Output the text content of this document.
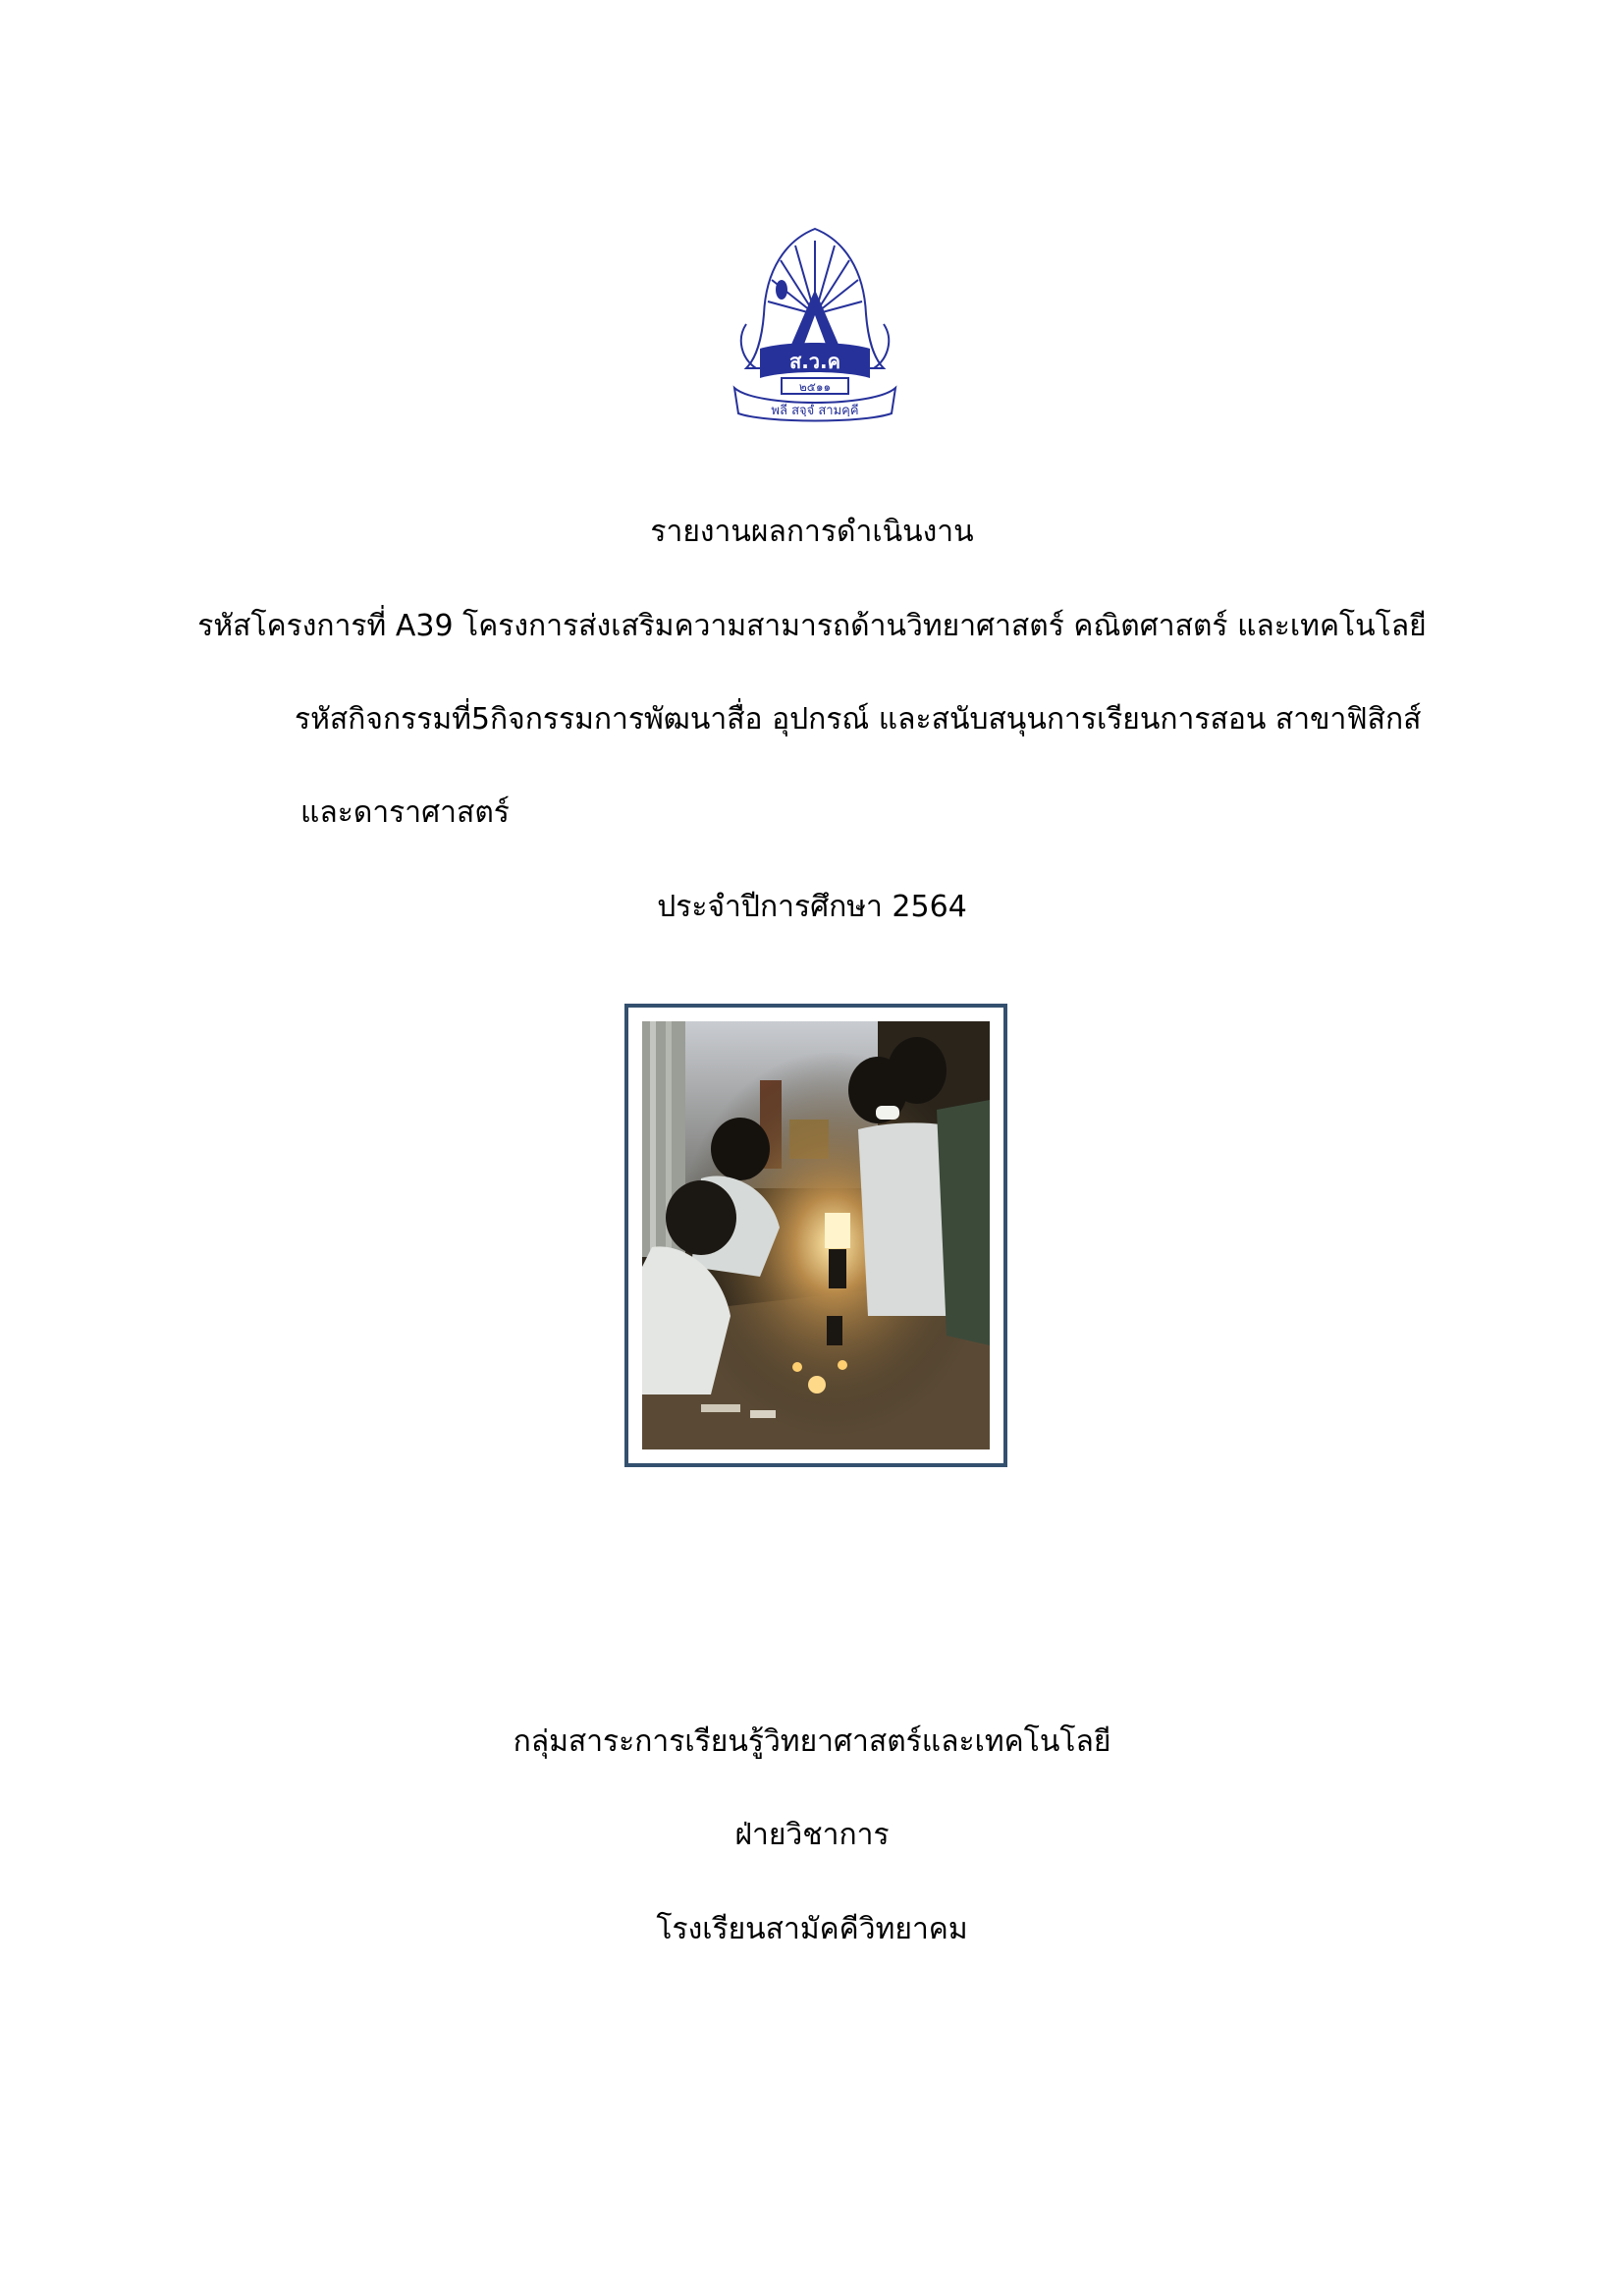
ส.ว.ค
๒๕๑๑
พลี สจฺจํ สามคฺคี
รายงานผลการดำเนินงาน
รหัสโครงการที่ A39 โครงการส่งเสริมความสามารถด้านวิทยาศาสตร์ คณิตศาสตร์ และเทคโนโลยี
รหัสกิจกรรมที่5กิจกรรมการพัฒนาสื่อ อุปกรณ์ และสนับสนุนการเรียนการสอน สาขาฟิสิกส์
และดาราศาสตร์
ประจำปีการศึกษา 2564
กลุ่มสาระการเรียนรู้วิทยาศาสตร์และเทคโนโลยี
ฝ่ายวิชาการ
โรงเรียนสามัคคีวิทยาคม
